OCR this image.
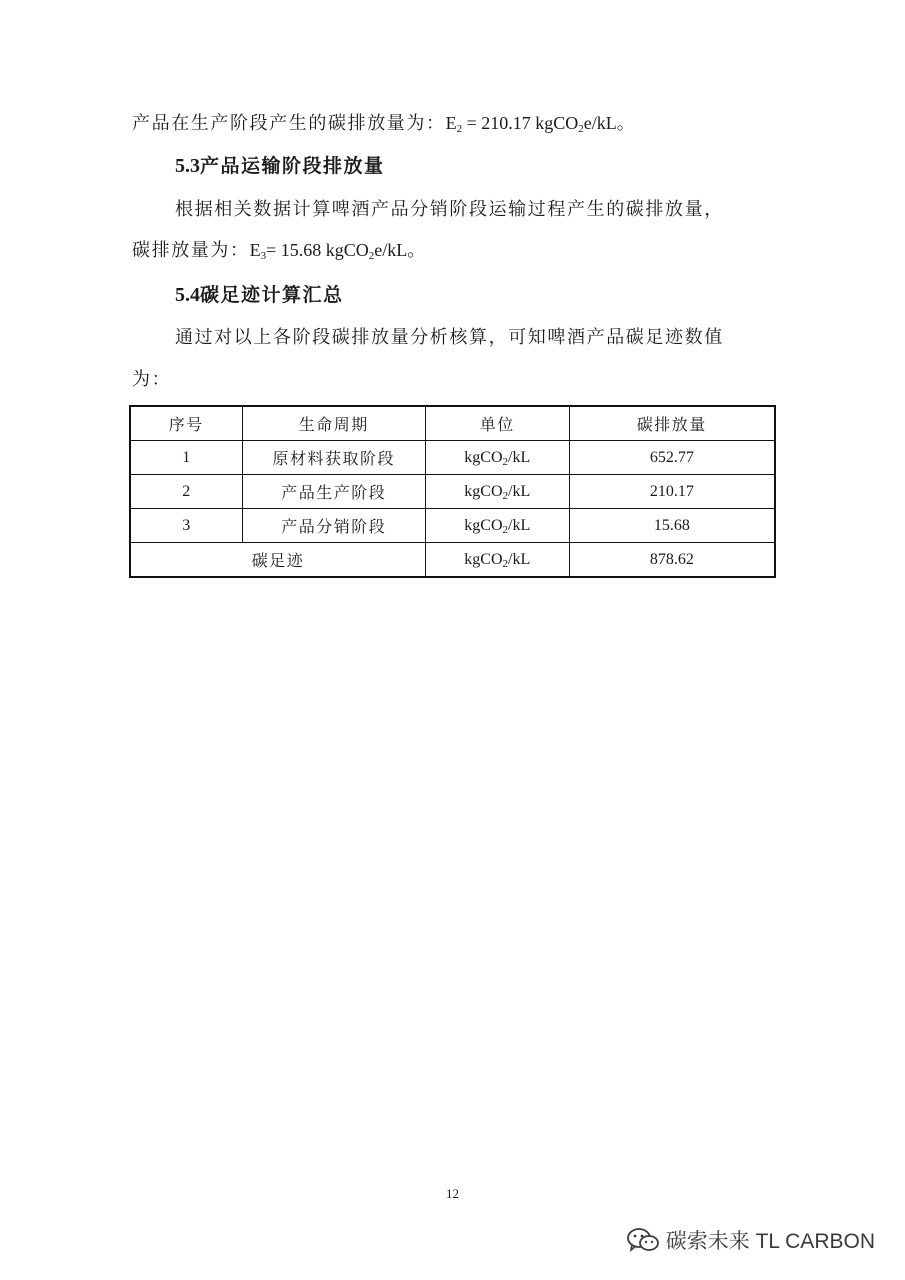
产品在生产阶段产生的碳排放量为：$E_2 = 210.17$ kgCO$_2$e/kL。
5.3产品运输阶段排放量
根据相关数据计算啤酒产品分销阶段运输过程产生的碳排放量，
碳排放量为：$E_3= 15.68$ kgCO$_2$e/kL。
5.4碳足迹计算汇总
通过对以上各阶段碳排放量分析核算，可知啤酒产品碳足迹数值
为：
序号	生命周期	单位	碳排放量
1	原材料获取阶段	kgCO$_2$/kL	652.77
2	产品生产阶段	kgCO$_2$/kL	210.17
3	产品分销阶段	kgCO$_2$/kL	15.68
碳足迹		kgCO$_2$/kL	878.62
12
碳索未来 TL CARBON
